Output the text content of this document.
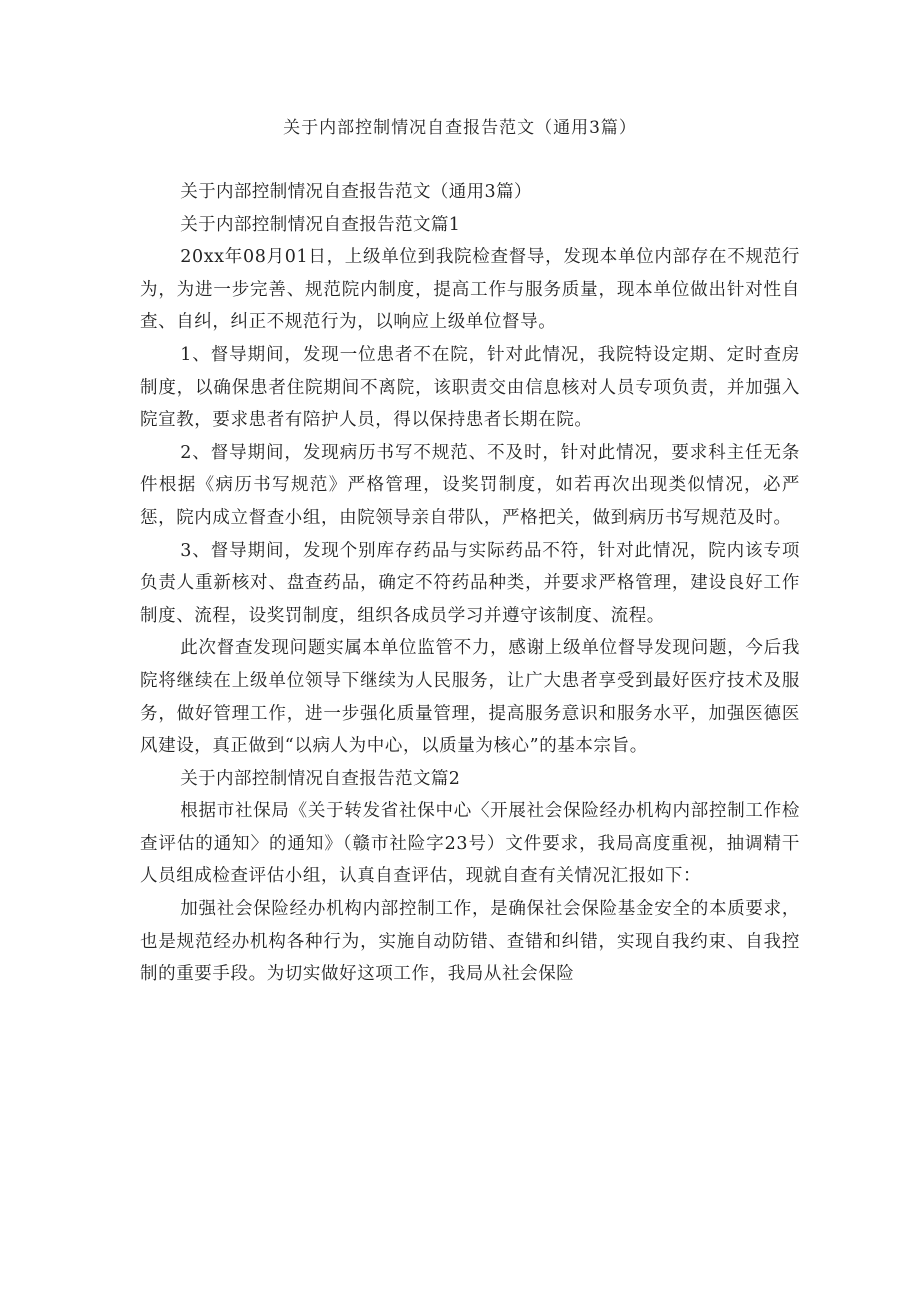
关于内部控制情况自查报告范文（通用3篇）

关于内部控制情况自查报告范文（通用3篇）

关于内部控制情况自查报告范文篇1

20xx年08月01日，上级单位到我院检查督导，发现本单位内部存在不规范行为，为进一步完善、规范院内制度，提高工作与服务质量，现本单位做出针对性自查、自纠，纠正不规范行为，以响应上级单位督导。

1、督导期间，发现一位患者不在院，针对此情况，我院特设定期、定时查房制度，以确保患者住院期间不离院，该职责交由信息核对人员专项负责，并加强入院宣教，要求患者有陪护人员，得以保持患者长期在院。

2、督导期间，发现病历书写不规范、不及时，针对此情况，要求科主任无条件根据《病历书写规范》严格管理，设奖罚制度，如若再次出现类似情况，必严惩，院内成立督查小组，由院领导亲自带队，严格把关，做到病历书写规范及时。

3、督导期间，发现个别库存药品与实际药品不符，针对此情况，院内该专项负责人重新核对、盘查药品，确定不符药品种类，并要求严格管理，建设良好工作制度、流程，设奖罚制度，组织各成员学习并遵守该制度、流程。

此次督查发现问题实属本单位监管不力，感谢上级单位督导发现问题，今后我院将继续在上级单位领导下继续为人民服务，让广大患者享受到最好医疗技术及服务，做好管理工作，进一步强化质量管理，提高服务意识和服务水平，加强医德医风建设，真正做到“以病人为中心，以质量为核心”的基本宗旨。

关于内部控制情况自查报告范文篇2

根据市社保局《关于转发省社保中心〈开展社会保险经办机构内部控制工作检查评估的通知〉的通知》（赣市社险字23号）文件要求，我局高度重视，抽调精干人员组成检查评估小组，认真自查评估，现就自查有关情况汇报如下：

加强社会保险经办机构内部控制工作，是确保社会保险基金安全的本质要求，也是规范经办机构各种行为，实施自动防错、查错和纠错，实现自我约束、自我控制的重要手段。为切实做好这项工作，我局从社会保险
